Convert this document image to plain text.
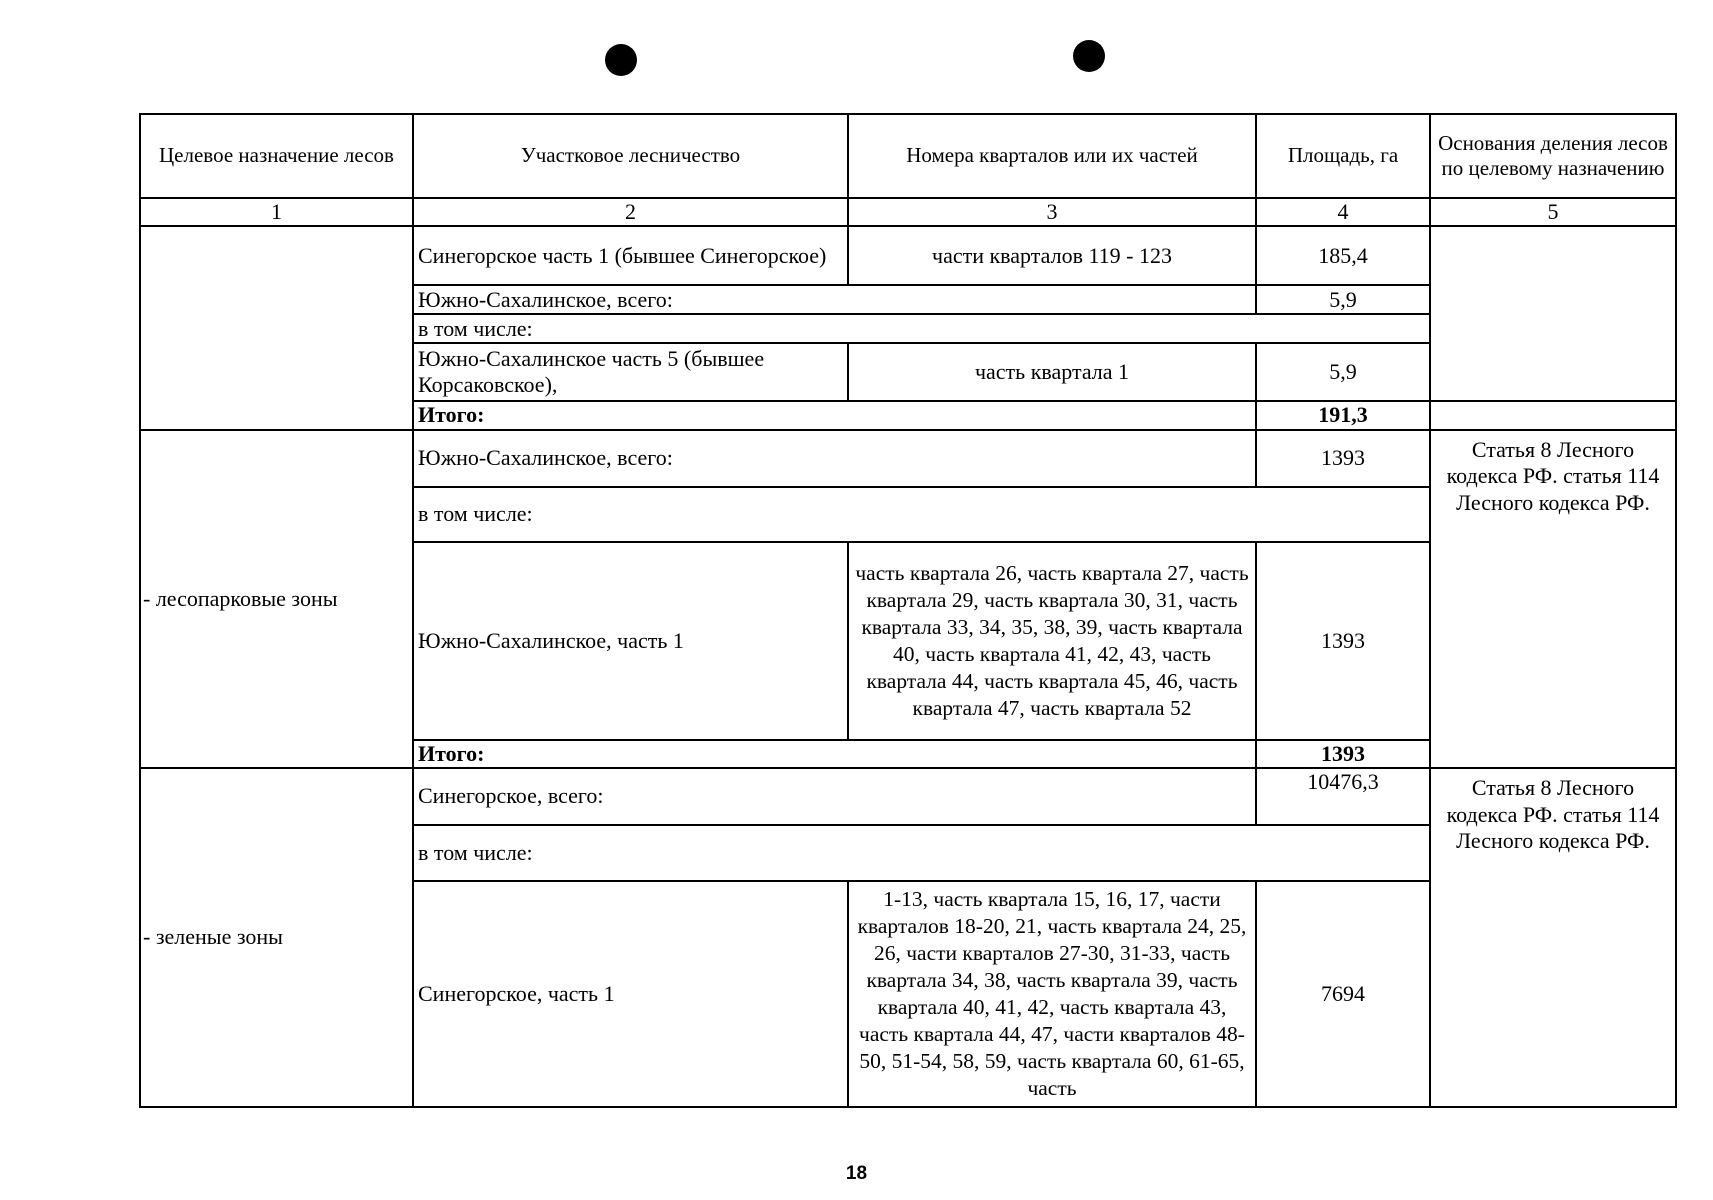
Целевое назначение лесов	Участковое лесничество	Номера кварталов или их частей	Площадь, га	Основания деления лесов по целевому назначению
1	2	3	4	5
	Синегорское часть 1 (бывшее Синегорское)	части кварталов 119 - 123	185,4	
	Южно-Сахалинское, всего:		5,9	
	в том числе:			
	Южно-Сахалинское часть 5 (бывшее Корсаковское),	часть квартала 1	5,9	
	Итого:		191,3	
- лесопарковые зоны	Южно-Сахалинское, всего:		1393	Статья 8 Лесного кодекса РФ. статья 114 Лесного кодекса РФ.
	в том числе:			
	Южно-Сахалинское, часть 1	часть квартала 26, часть квартала 27, часть квартала 29, часть квартала 30, 31, часть квартала 33, 34, 35, 38, 39, часть квартала 40, часть квартала 41, 42, 43, часть квартала 44, часть квартала 45, 46, часть квартала 47, часть квартала 52	1393	
	Итого:		1393	
- зеленые зоны	Синегорское, всего:		10476,3	Статья 8 Лесного кодекса РФ. статья 114 Лесного кодекса РФ.
	в том числе:			
	Синегорское, часть 1	1-13, часть квартала 15, 16, 17, части кварталов 18-20, 21, часть квартала 24, 25, 26, части кварталов 27-30, 31-33, часть квартала 34, 38, часть квартала 39, часть квартала 40, 41, 42, часть квартала 43, часть квартала 44, 47, части кварталов 48-50, 51-54, 58, 59, часть квартала 60, 61-65, часть	7694	
18
